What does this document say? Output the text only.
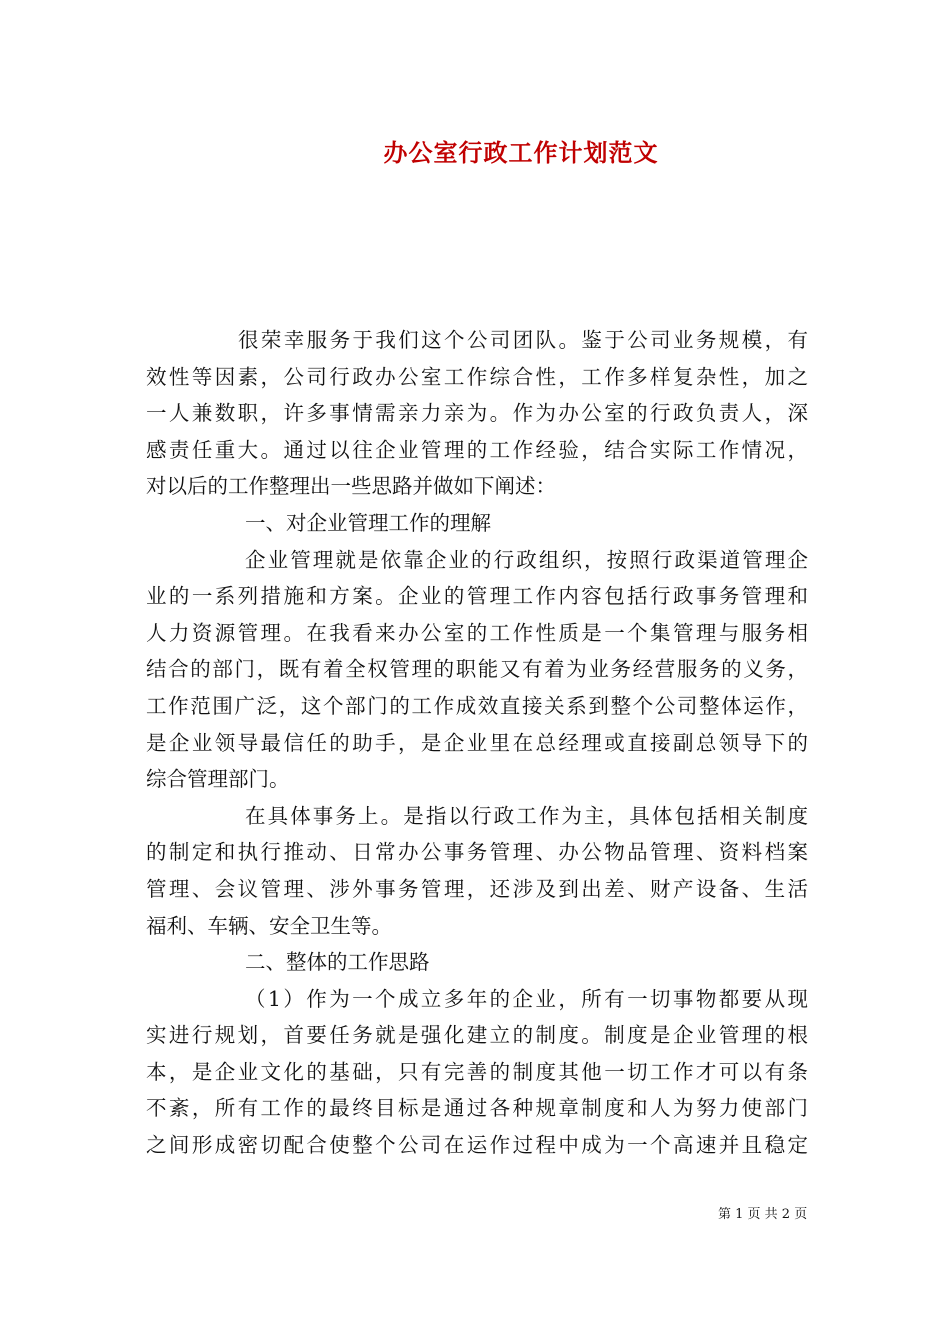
办公室行政工作计划范文
很荣幸服务于我们这个公司团队。鉴于公司业务规模，有
效性等因素，公司行政办公室工作综合性，工作多样复杂性，加之
一人兼数职，许多事情需亲力亲为。作为办公室的行政负责人，深
感责任重大。通过以往企业管理的工作经验，结合实际工作情况，
对以后的工作整理出一些思路并做如下阐述：
一、对企业管理工作的理解
企业管理就是依靠企业的行政组织，按照行政渠道管理企
业的一系列措施和方案。企业的管理工作内容包括行政事务管理和
人力资源管理。在我看来办公室的工作性质是一个集管理与服务相
结合的部门，既有着全权管理的职能又有着为业务经营服务的义务，
工作范围广泛，这个部门的工作成效直接关系到整个公司整体运作，
是企业领导最信任的助手，是企业里在总经理或直接副总领导下的
综合管理部门。
在具体事务上。是指以行政工作为主，具体包括相关制度
的制定和执行推动、日常办公事务管理、办公物品管理、资料档案
管理、会议管理、涉外事务管理，还涉及到出差、财产设备、生活
福利、车辆、安全卫生等。
二、整体的工作思路
（1）作为一个成立多年的企业，所有一切事物都要从现
实进行规划，首要任务就是强化建立的制度。制度是企业管理的根
本，是企业文化的基础，只有完善的制度其他一切工作才可以有条
不紊，所有工作的最终目标是通过各种规章制度和人为努力使部门
之间形成密切配合使整个公司在运作过程中成为一个高速并且稳定
第 1 页 共 2 页
